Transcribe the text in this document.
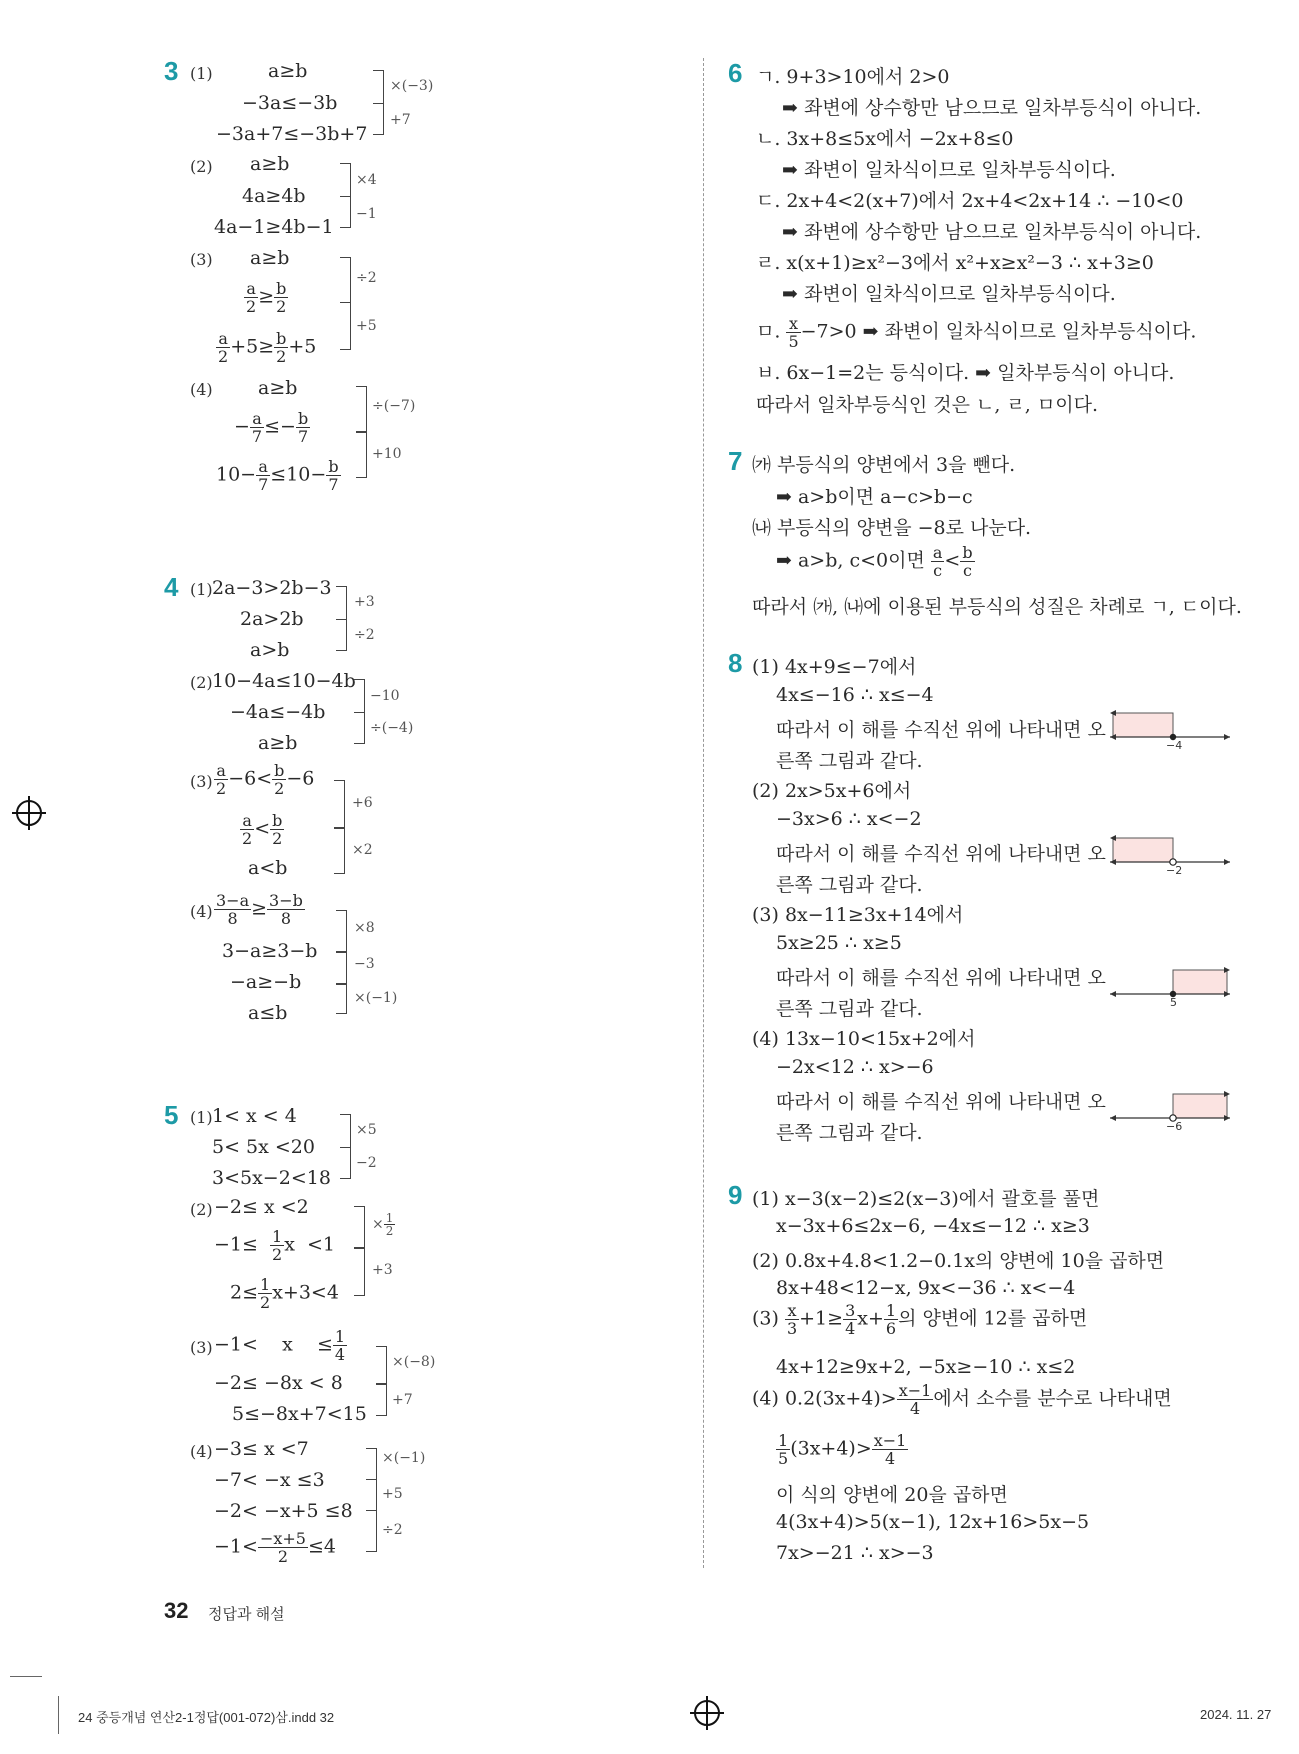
3 (1)	a≥b
−3a≤−3b
−3a+7≤−3b+7
×(−3)
+7
(2) a≥b
4a≥4b
4a−1≥4b−1
×4
−1
(3) a≥b
$\frac{a}{2} \ge \frac{b}{2}$
$\frac{a}{2} +5\ge \frac{b}{2} +5$
÷2
+5
(4) a≥b
− $\frac{a}{7} \le- \frac{b}{7}$
$10- \frac{a}{7} \le 10- \frac{b}{7}$
÷(−7)
+10
4 (1) 2a−3>2b−3
2a>2b
a>b
+3
÷2
(2) 10−4a≤10−4b
−4a≤−4b
a≥b
−10
÷(−4)
$(3) \frac{a}{2} -6< \frac{b}{2} -6$
$\frac{a}{2} < \frac{b}{2}$
a<b
+6
×2
$(4) \frac{3-a}{8} \ge \frac{3-b}{8}$
3−a≥3−b
−a≥−b
a≤b
×8
−3
×(−1)
5 (1) 1< x < 4
5< 5x <20
3<5x−2<18
×5
−2
(2) −2≤ x <2
$-1\le \frac{1}{2}$ x  <1
$2\le \frac{1}{2} x+3<4$
× $\frac{1}{2}$
+3
(3) −1<    x    ≤ $\frac{1}{4}$
−2≤ −8x < 8
5≤−8x+7<15
×(−8)
+7
(4) −3≤ x <7
−7< −x ≤3
−2< −x+5 ≤8
$-1< \frac{-x+5}{2} \le 4$
×(−1)
+5
÷2
6 ㄱ. 9+3>10에서 2>0
➡ 좌변에 상수항만 남으므로 일차부등식이 아니다.
ㄴ. 3x+8≤5x에서 −2x+8≤0
➡ 좌변이 일차식이므로 일차부등식이다.
ㄷ. 2x+4<2(x+7)에서 2x+4<2x+14 ∴ −10<0
➡ 좌변에 상수항만 남으므로 일차부등식이 아니다.
ㄹ. x(x+1)≥x²−3에서 x²+x≥x²−3 ∴ x+3≥0
➡ 좌변이 일차식이므로 일차부등식이다.
ㅁ. $\frac{x}{5} -7>0$ ➡ 좌변이 일차식이므로 일차부등식이다.
ㅂ. 6x−1=2는 등식이다. ➡ 일차부등식이 아니다.
따라서 일차부등식인 것은 ㄴ, ㄹ, ㅁ이다.
7 ㈎ 부등식의 양변에서 3을 뺀다.
➡ a>b이면 a−c>b−c
㈏ 부등식의 양변을 −8로 나눈다.
➡ a>b, c<0이면 $\frac{a}{c} < \frac{b}{c}$
따라서 ㈎, ㈏에 이용된 부등식의 성질은 차례로 ㄱ, ㄷ이다.
8 (1) 4x+9≤−7에서
4x≤−16 ∴ x≤−4
따라서 이 해를 수직선 위에 나타내면 오
른쪽 그림과 같다.
−4
(2) 2x>5x+6에서
−3x>6 ∴ x<−2
따라서 이 해를 수직선 위에 나타내면 오
른쪽 그림과 같다.
−2
(3) 8x−11≥3x+14에서
5x≥25 ∴ x≥5
따라서 이 해를 수직선 위에 나타내면 오
른쪽 그림과 같다.	5
(4) 13x−10<15x+2에서
−2x<12 ∴ x>−6
따라서 이 해를 수직선 위에 나타내면 오
른쪽 그림과 같다.	−6
9 (1) x−3(x−2)≤2(x−3)에서 괄호를 풀면
x−3x+6≤2x−6, −4x≤−12 ∴ x≥3
(2) 0.8x+4.8<1.2−0.1x의 양변에 10을 곱하면
8x+48<12−x, 9x<−36 ∴ x<−4
$(3) \frac{x}{3} +1\ge \frac{3}{4} x+ \frac{1}{6}$ 의 양변에 12를 곱하면
4x+12≥9x+2, −5x≥−10 ∴ x≤2
(4) $0.2(3x+4)> \frac{x-1}{4}$ 에서 소수를 분수로 나타내면
$\frac{1}{5} (3x+4)> \frac{x-1}{4}$
이 식의 양변에 20을 곱하면
4(3x+4)>5(x−1), 12x+16>5x−5
7x>−21 ∴ x>−3
32 정답과 해설
24 중등개념 연산2-1정답(001-072)삼.indd 32	2024. 11. 27
